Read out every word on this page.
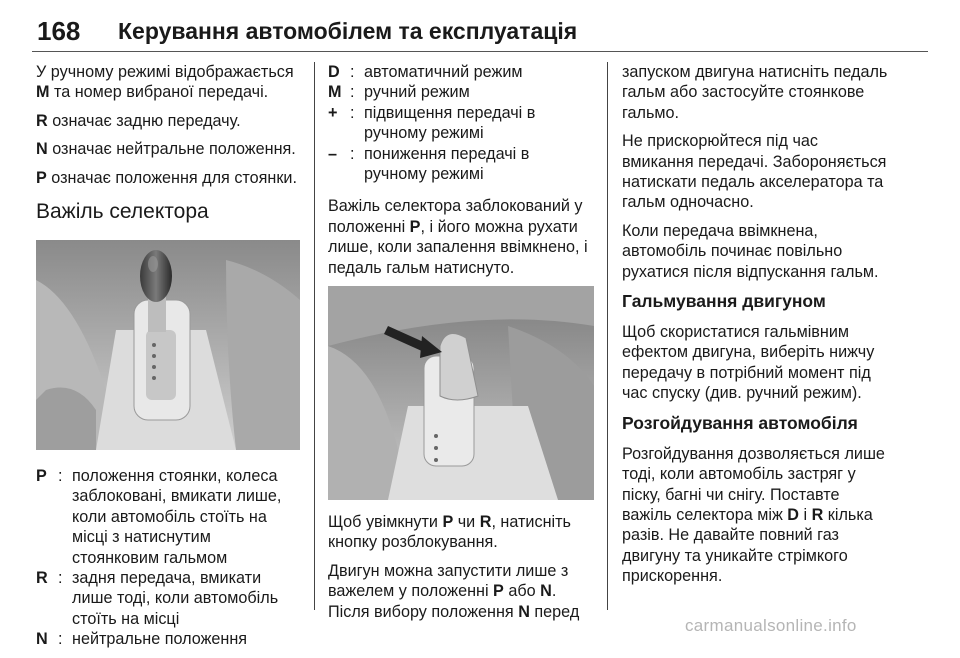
168 Керування автомобілем та експлуатація

У ручному режимі відображається
M та номер вибраної передачі.

R означає задню передачу.

N означає нейтральне положення.

P означає положення для стоянки.

Важіль селектора
P : положення стоянки, колеса заблоковані, вмикати лише, коли автомобіль стоїть на місці з натиснутим стоянковим гальмом
R : задня передача, вмикати лише тоді, коли автомобіль стоїть на місці
N : нейтральне положення
D : автоматичний режим
M : ручний режим
+ : підвищення передачі в ручному режимі
– : пониження передачі в ручному режимі

Важіль селектора заблокований у положенні P, і його можна рухати лише, коли запалення ввімкнено, і педаль гальм натиснуто.

Щоб увімкнути P чи R, натисніть кнопку розблокування.

Двигун можна запустити лише з важелем у положенні P або N. Після вибору положення N перед

запуском двигуна натисніть педаль гальм або застосуйте стоянкове гальмо.

Не прискорюйтеся під час вмикання передачі. Забороняється натискати педаль акселератора та гальм одночасно.

Коли передача ввімкнена, автомобіль починає повільно рухатися після відпускання гальм.

Гальмування двигуном

Щоб скористатися гальмівним ефектом двигуна, виберіть нижчу передачу в потрібний момент під час спуску (див. ручний режим).

Розгойдування автомобіля

Розгойдування дозволяється лише тоді, коли автомобіль застряг у піску, багні чи снігу. Поставте важіль селектора між D і R кілька разів. Не давайте повний газ двигуну та уникайте стрімкого прискорення.

carmanualsonline.info
